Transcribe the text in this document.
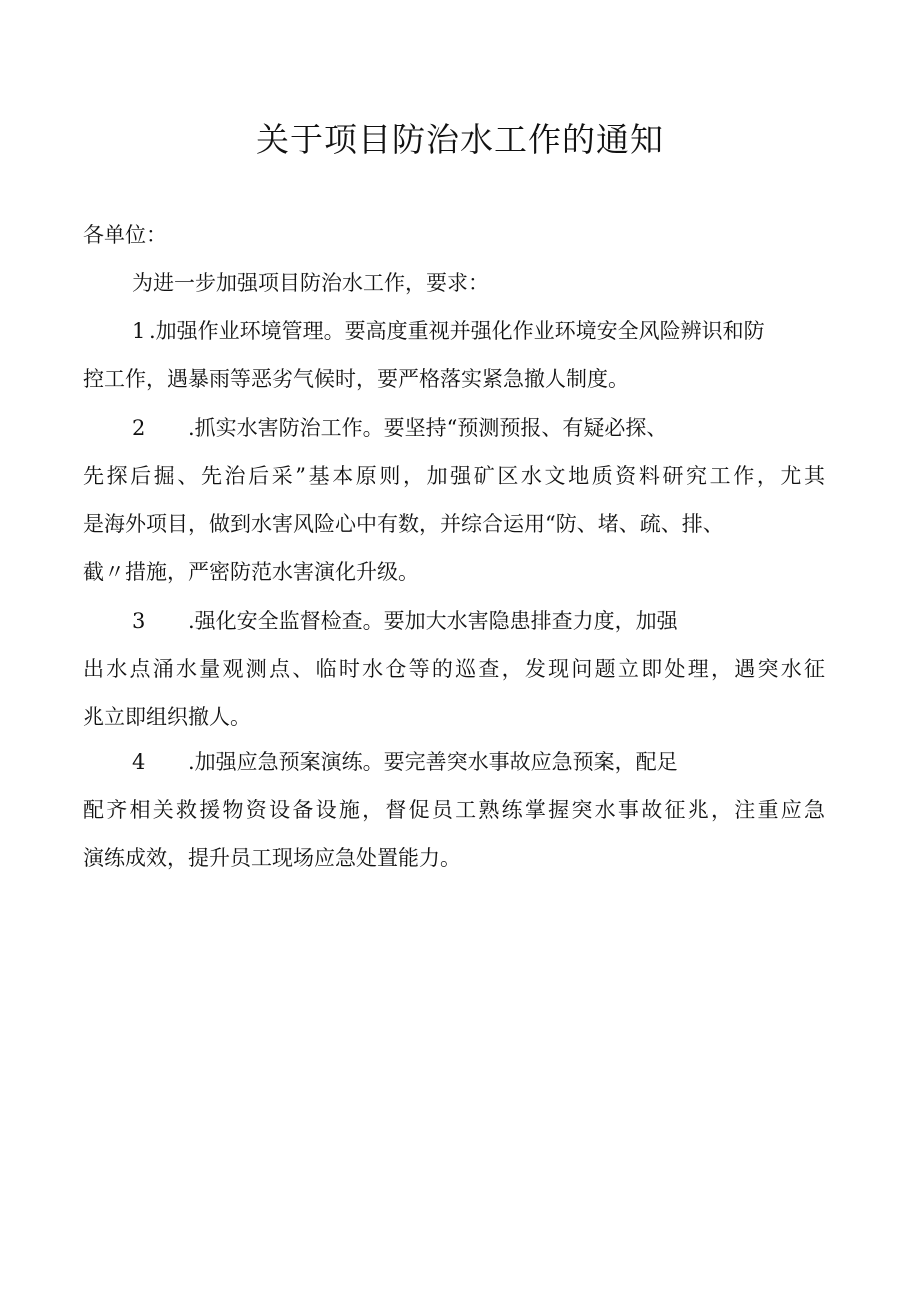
关于项目防治水工作的通知
各单位：
为进一步加强项目防治水工作，要求：
1 .加强作业环境管理。要高度重视并强化作业环境安全风险辨识和防
控工作，遇暴雨等恶劣气候时，要严格落实紧急撤人制度。
2 .抓实水害防治工作。要坚持“预测预报、有疑必探、
先探后掘、先治后采”基本原则，加强矿区水文地质资料研究工作，尤其
是海外项目，做到水害风险心中有数，并综合运用“防、堵、疏、排、
截〃措施，严密防范水害演化升级。
3 .强化安全监督检查。要加大水害隐患排查力度，加强
出水点涌水量观测点、临时水仓等的巡查，发现问题立即处理，遇突水征
兆立即组织撤人。
4 .加强应急预案演练。要完善突水事故应急预案，配足
配齐相关救援物资设备设施，督促员工熟练掌握突水事故征兆，注重应急
演练成效，提升员工现场应急处置能力。
